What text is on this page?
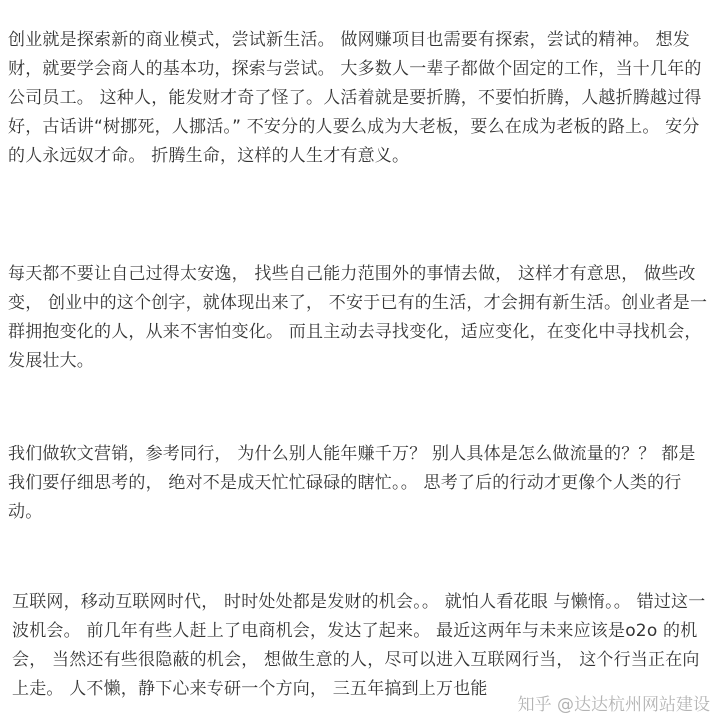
创业就是探索新的商业模式，尝试新生活。 做网赚项目也需要有探索，尝试的精神。 想发财，就要学会商人的基本功，探索与尝试。 大多数人一辈子都做个固定的工作，当十几年的公司员工。 这种人，能发财才奇了怪了。人活着就是要折腾，不要怕折腾，人越折腾越过得好，古话讲“树挪死，人挪活。” 不安分的人要么成为大老板，要么在成为老板的路上。 安分的人永远奴才命。 折腾生命，这样的人生才有意义。

每天都不要让自己过得太安逸， 找些自己能力范围外的事情去做， 这样才有意思， 做些改变， 创业中的这个创字，就体现出来了， 不安于已有的生活，才会拥有新生活。创业者是一群拥抱变化的人，从来不害怕变化。 而且主动去寻找变化，适应变化，在变化中寻找机会，发展壮大。

我们做软文营销，参考同行， 为什么别人能年赚千万？ 别人具体是怎么做流量的？？ 都是我们要仔细思考的， 绝对不是成天忙忙碌碌的瞎忙。。 思考了后的行动才更像个人类的行动。

互联网，移动互联网时代， 时时处处都是发财的机会。。 就怕人看花眼 与懒惰。。 错过这一波机会。 前几年有些人赶上了电商机会，发达了起来。 最近这两年与未来应该是o2o 的机会， 当然还有些很隐蔽的机会， 想做生意的人，尽可以进入互联网行当， 这个行当正在向上走。 人不懒，静下心来专研一个方向， 三五年搞到上万也能

知乎 @达达杭州网站建设
